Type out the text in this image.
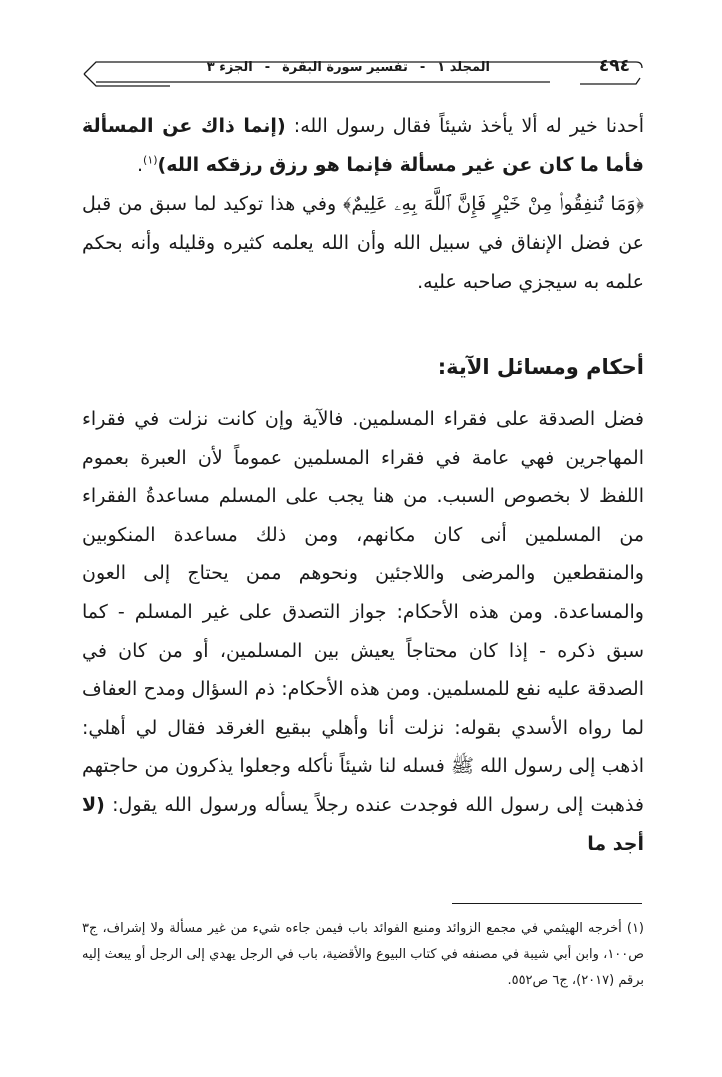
٤٩٤
المجلد ١-تفسير سورة البقرة-الجزء ٣

أحدنا خير له ألا يأخذ شيئاً فقال رسول الله: (إنما ذاك عن المسألة فأما ما كان عن غير مسألة فإنما هو رزق رزقكه الله)$^{(١)}$.

﴿وَمَا تُنفِقُوا۟ مِنْ خَيْرٍ فَإِنَّ ٱللَّهَ بِهِۦ عَلِيمٌ﴾ وفي هذا توكيد لما سبق من قبل عن فضل الإنفاق في سبيل الله وأن الله يعلمه كثيره وقليله وأنه بحكم علمه به سيجزي صاحبه عليه.

أحكام ومسائل الآية:

فضل الصدقة على فقراء المسلمين. فالآية وإن كانت نزلت في فقراء المهاجرين فهي عامة في فقراء المسلمين عموماً لأن العبرة بعموم اللفظ لا بخصوص السبب. من هنا يجب على المسلم مساعدةُ الفقراء من المسلمين أنى كان مكانهم، ومن ذلك مساعدة المنكوبين والمنقطعين والمرضى واللاجئين ونحوهم ممن يحتاج إلى العون والمساعدة. ومن هذه الأحكام: جواز التصدق على غير المسلم - كما سبق ذكره - إذا كان محتاجاً يعيش بين المسلمين، أو من كان في الصدقة عليه نفع للمسلمين. ومن هذه الأحكام: ذم السؤال ومدح العفاف لما رواه الأسدي بقوله: نزلت أنا وأهلي ببقيع الغرقد فقال لي أهلي: اذهب إلى رسول الله ﷺ فسله لنا شيئاً نأكله وجعلوا يذكرون من حاجتهم فذهبت إلى رسول الله فوجدت عنده رجلاً يسأله ورسول الله يقول: (لا أجد ما

(١) أخرجه الهيثمي في مجمع الزوائد ومنبع الفوائد باب فيمن جاءه شيء من غير مسألة ولا إشراف، ج٣ ص١٠٠، وابن أبي شيبة في مصنفه في كتاب البيوع والأقضية، باب في الرجل يهدي إلى الرجل أو يبعث إليه برقم (٢٠١٧)، ج٦ ص٥٥٢.
